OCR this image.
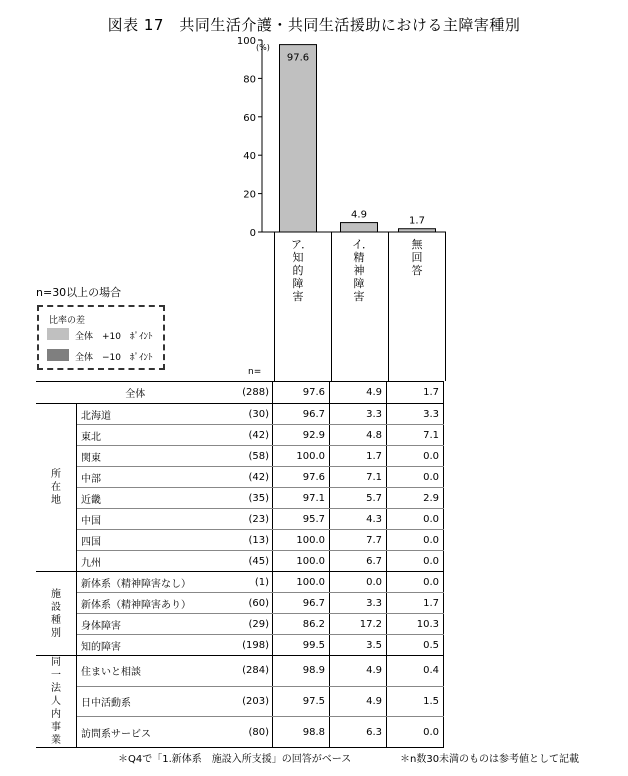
図表 17　共同生活介護・共同生活援助における主障害種別
0
20
40
60
80
100
(%)
97.6
4.9
1.7
ア．知的障害
イ．精神障害
無回答
n=30以上の場合
比率の差
全体　+10　ﾎﾟｲﾝﾄ
全体　−10　ﾎﾟｲﾝﾄ
n=
全体		(288)	97.6	4.9	1.7

所在地	北海道	(30)	96.7	3.3	3.3
	東北	(42)	92.9	4.8	7.1
	関東	(58)	100.0	1.7	0.0
	中部	(42)	97.6	7.1	0.0
	近畿	(35)	97.1	5.7	2.9
	中国	(23)	95.7	4.3	0.0
	四国	(13)	100.0	7.7	0.0
	九州	(45)	100.0	6.7	0.0

施設種別	新体系（精神障害なし）	(1)	100.0	0.0	0.0
	新体系（精神障害あり）	(60)	96.7	3.3	1.7
	身体障害	(29)	86.2	17.2	10.3
	知的障害	(198)	99.5	3.5	0.5

同一法人内事業	住まいと相談	(284)	98.9	4.9	0.4
	日中活動系	(203)	97.5	4.9	1.5
	訪問系サービス	(80)	98.8	6.3	0.0
＊Q4で「1.新体系　施設入所支援」の回答がベース	＊n数30未満のものは参考値として記載
